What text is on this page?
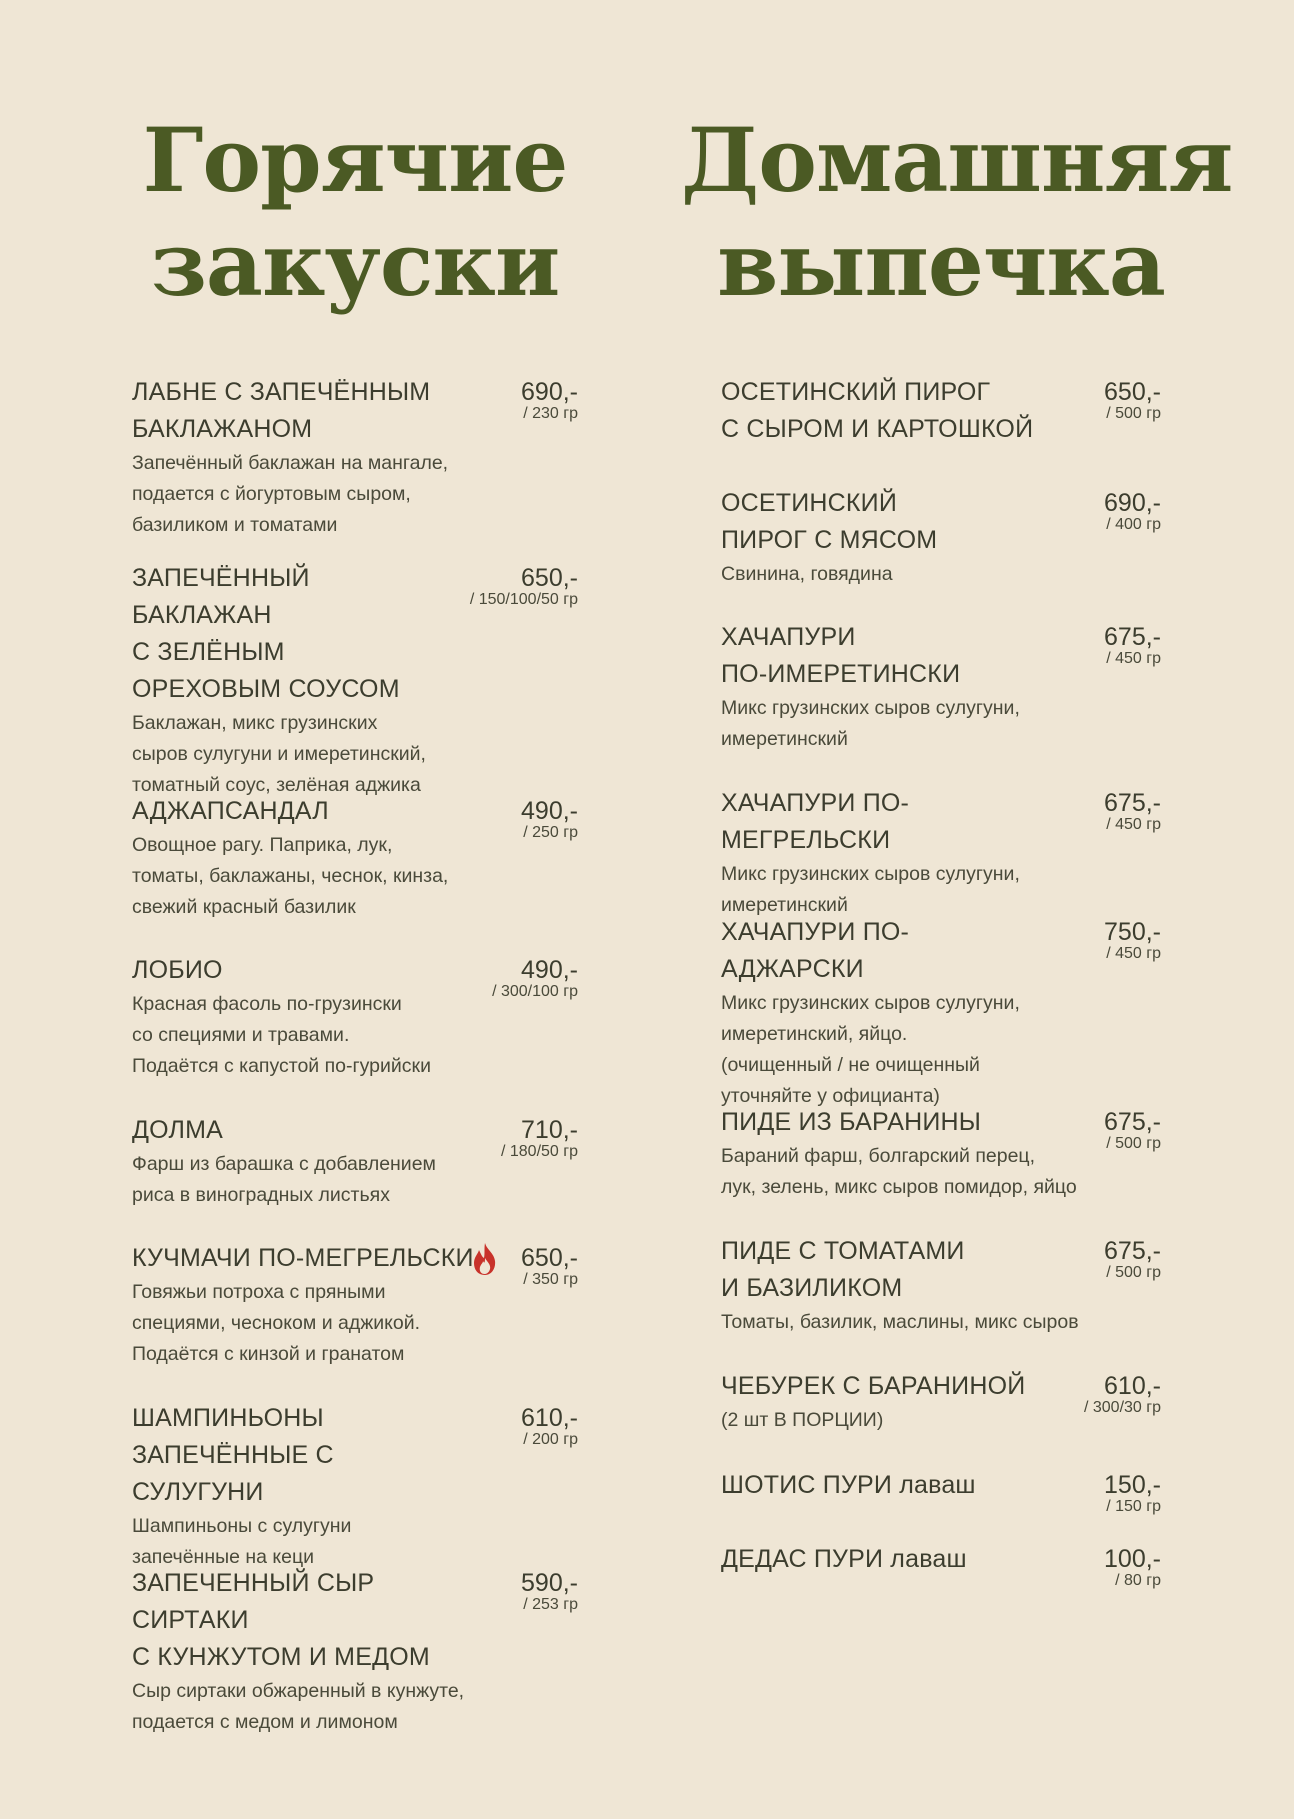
Горячие
закуски
ЛАБНЕ С ЗАПЕЧЁННЫМ
БАКЛАЖАНОМ
Запечённый баклажан на мангале,
подается с йогуртовым сыром,
базиликом и томатами
690,-
/ 230 гр
ЗАПЕЧЁННЫЙ БАКЛАЖАН
С ЗЕЛЁНЫМ
ОРЕХОВЫМ СОУСОМ
Баклажан, микс грузинских
сыров сулугуни и имеретинский,
томатный соус, зелёная аджика
650,-
/ 150/100/50 гр
АДЖАПСАНДАЛ
Овощное рагу. Паприка, лук,
томаты, баклажаны, чеснок, кинза,
свежий красный базилик
490,-
/ 250 гр
ЛОБИО
Красная фасоль по-грузински
со специями и травами.
Подаётся с капустой по-гурийски
490,-
/ 300/100 гр
ДОЛМА
Фарш из барашка с добавлением
риса в виноградных листьях
710,-
/ 180/50 гр
КУЧМАЧИ ПО-МЕГРЕЛЬСКИ
Говяжьи потроха с пряными
специями, чесноком и аджикой.
Подаётся с кинзой и гранатом
650,-
/ 350 гр
ШАМПИНЬОНЫ
ЗАПЕЧЁННЫЕ С СУЛУГУНИ
Шампиньоны с сулугуни
запечённые на кеци
610,-
/ 200 гр
ЗАПЕЧЕННЫЙ СЫР СИРТАКИ
С КУНЖУТОМ И МЕДОМ
Сыр сиртаки обжаренный в кунжуте,
подается с медом и лимоном
590,-
/ 253 гр
Домашняя
выпечка
ОСЕТИНСКИЙ ПИРОГ
С СЫРОМ И КАРТОШКОЙ
650,-
/ 500 гр
ОСЕТИНСКИЙ
ПИРОГ С МЯСОМ
Свинина, говядина
690,-
/ 400 гр
ХАЧАПУРИ
ПО-ИМЕРЕТИНСКИ
Микс грузинских сыров сулугуни,
имеретинский
675,-
/ 450 гр
ХАЧАПУРИ ПО-МЕГРЕЛЬСКИ
Микс грузинских сыров сулугуни,
имеретинский
675,-
/ 450 гр
ХАЧАПУРИ ПО-АДЖАРСКИ
Микс грузинских сыров сулугуни,
имеретинский, яйцо.
(очищенный / не очищенный
уточняйте у официанта)
750,-
/ 450 гр
ПИДЕ ИЗ БАРАНИНЫ
Бараний фарш, болгарский перец,
лук, зелень, микс сыров помидор, яйцо
675,-
/ 500 гр
ПИДЕ С ТОМАТАМИ
И БАЗИЛИКОМ
Томаты, базилик, маслины, микс сыров
675,-
/ 500 гр
ЧЕБУРЕК С БАРАНИНОЙ
(2 шт В ПОРЦИИ)
610,-
/ 300/30 гр
ШОТИС ПУРИ лаваш	150,-
/ 150 гр
ДЕДАС ПУРИ лаваш	100,-
/ 80 гр
